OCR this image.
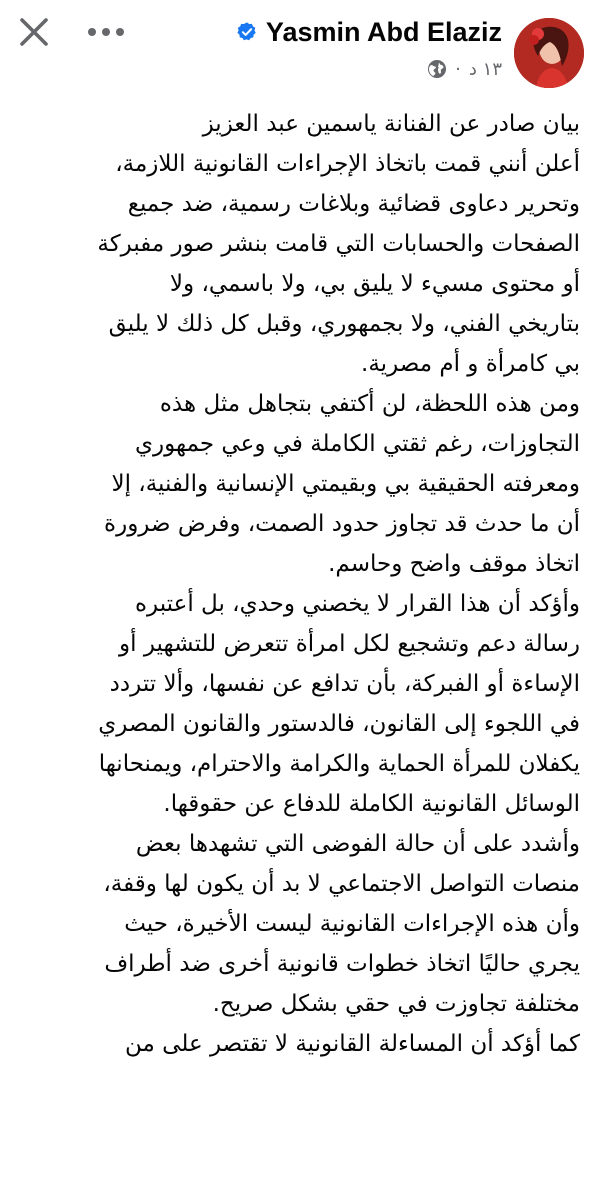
Yasmin Abd Elaziz
· ١٣ د
بيان صادر عن الفنانة ياسمين عبد العزيز
أعلن أنني قمت باتخاذ الإجراءات القانونية اللازمة،
وتحرير دعاوى قضائية وبلاغات رسمية، ضد جميع
الصفحات والحسابات التي قامت بنشر صور مفبركة
أو محتوى مسيء لا يليق بي، ولا باسمي، ولا
بتاريخي الفني، ولا بجمهوري، وقبل كل ذلك لا يليق
بي كامرأة و أم مصرية.
ومن هذه اللحظة، لن أكتفي بتجاهل مثل هذه
التجاوزات، رغم ثقتي الكاملة في وعي جمهوري
ومعرفته الحقيقية بي وبقيمتي الإنسانية والفنية، إلا
أن ما حدث قد تجاوز حدود الصمت، وفرض ضرورة
اتخاذ موقف واضح وحاسم.
وأؤكد أن هذا القرار لا يخصني وحدي، بل أعتبره
رسالة دعم وتشجيع لكل امرأة تتعرض للتشهير أو
الإساءة أو الفبركة، بأن تدافع عن نفسها، وألا تتردد
في اللجوء إلى القانون، فالدستور والقانون المصري
يكفلان للمرأة الحماية والكرامة والاحترام، ويمنحانها
الوسائل القانونية الكاملة للدفاع عن حقوقها.
وأشدد على أن حالة الفوضى التي تشهدها بعض
منصات التواصل الاجتماعي لا بد أن يكون لها وقفة،
وأن هذه الإجراءات القانونية ليست الأخيرة، حيث
يجري حاليًا اتخاذ خطوات قانونية أخرى ضد أطراف
مختلفة تجاوزت في حقي بشكل صريح.
كما أؤكد أن المساءلة القانونية لا تقتصر على من
